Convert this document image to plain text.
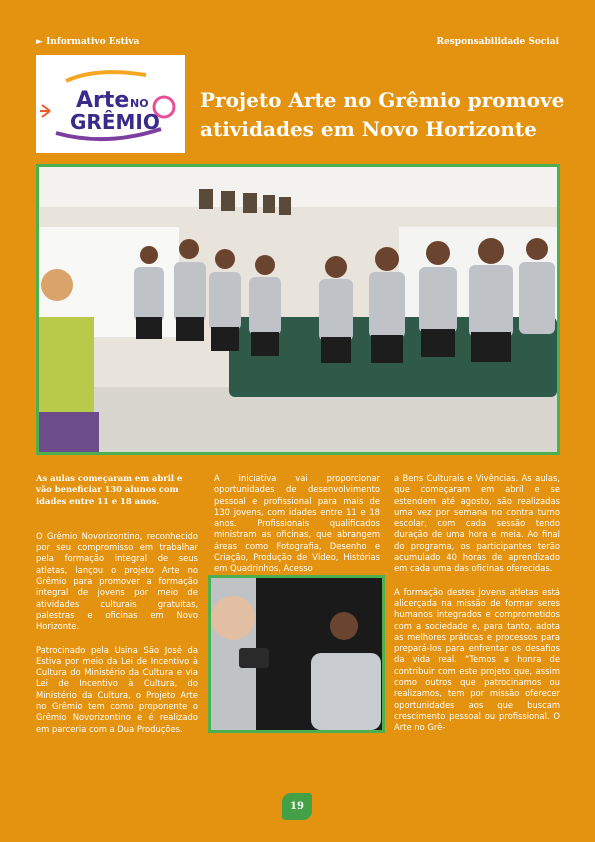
► Informativo Estiva	Responsabilidade Social
Arte NO
GRÊMIO
Projeto Arte no Grêmio promove atividades em Novo Horizonte

As aulas começaram em abril e vão beneficiar 130 alunos com idades entre 11 e 18 anos.

O Grêmio Novorizontino, reconhecido por seu compromisso em trabalhar pela formação integral de seus atletas, lançou o projeto Arte no Grêmio para promover a formação integral de jovens por meio de atividades culturais gratuitas, palestras e oficinas em Novo Horizonte.

Patrocinado pela Usina São José da Estiva por meio da Lei de Incentivo à Cultura do Ministério da Cultura e via Lei de Incentivo à Cultura, do Ministério da Cultura, o Projeto Arte no Grêmio tem como proponente o Grêmio Novorizontino e é realizado em parceria com a Dua Produções.

A iniciativa vai proporcionar oportunidades de desenvolvimento pessoal e profissional para mais de 130 jovens, com idades entre 11 e 18 anos. Profissionais qualificados ministram as oficinas, que abrangem áreas como Fotografia, Desenho e Criação, Produção de Vídeo, Histórias em Quadrinhos, Acesso

a Bens Culturais e Vivências. As aulas, que começaram em abril e se estendem até agosto, são realizadas uma vez por semana no contra turno escolar, com cada sessão tendo duração de uma hora e meia. Ao final do programa, os participantes terão acumulado 40 horas de aprendizado em cada uma das oficinas oferecidas.

A formação destes jovens atletas está alicerçada na missão de formar seres humanos integrados e comprometidos com a sociedade e, para tanto, adota as melhores práticas e processos para prepará-los para enfrentar os desafios da vida real. “Temos a honra de contribuir com este projeto que, assim como outros que patrocinamos ou realizamos, tem por missão oferecer oportunidades aos que buscam crescimento pessoal ou profissional. O Arte no Grê-

19
